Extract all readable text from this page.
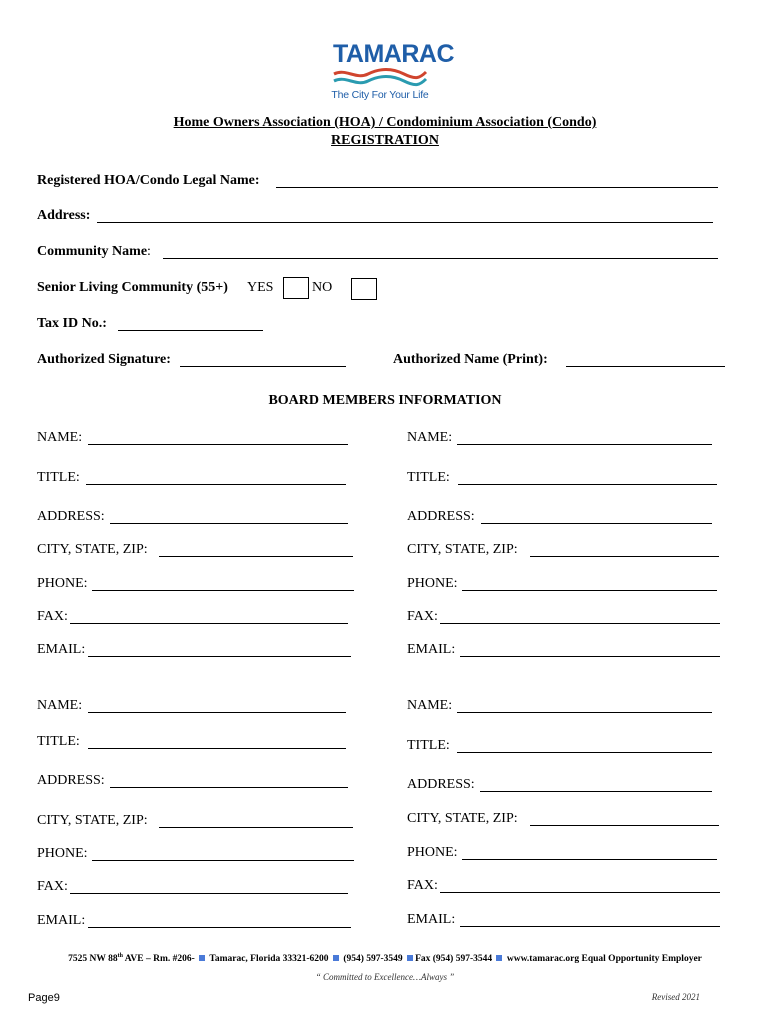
TAMARAC
The City For Your Life
Home Owners Association (HOA) / Condominium Association (Condo)
REGISTRATION
Registered HOA/Condo Legal Name:
Address:
Community Name:
Senior Living Community (55+) YES	NO
Tax ID No.:
Authorized Signature:	Authorized Name (Print):
BOARD MEMBERS INFORMATION
NAME:
TITLE:
ADDRESS:
CITY, STATE, ZIP:
PHONE:
FAX:
EMAIL:
NAME:
TITLE:
ADDRESS:
CITY, STATE, ZIP:
PHONE:
FAX:
EMAIL:
NAME:
TITLE:
ADDRESS:
CITY, STATE, ZIP:
PHONE:
FAX:
EMAIL:
NAME:
TITLE:
ADDRESS:
CITY, STATE, ZIP:
PHONE:
FAX:
EMAIL:
7525 NW 88th AVE – Rm. #206-  Tamarac, Florida 33321-6200  (954) 597-3549 Fax (954) 597-3544  www.tamarac.org Equal Opportunity Employer
“ Committed to Excellence…Always ”
Page9	Revised 2021
